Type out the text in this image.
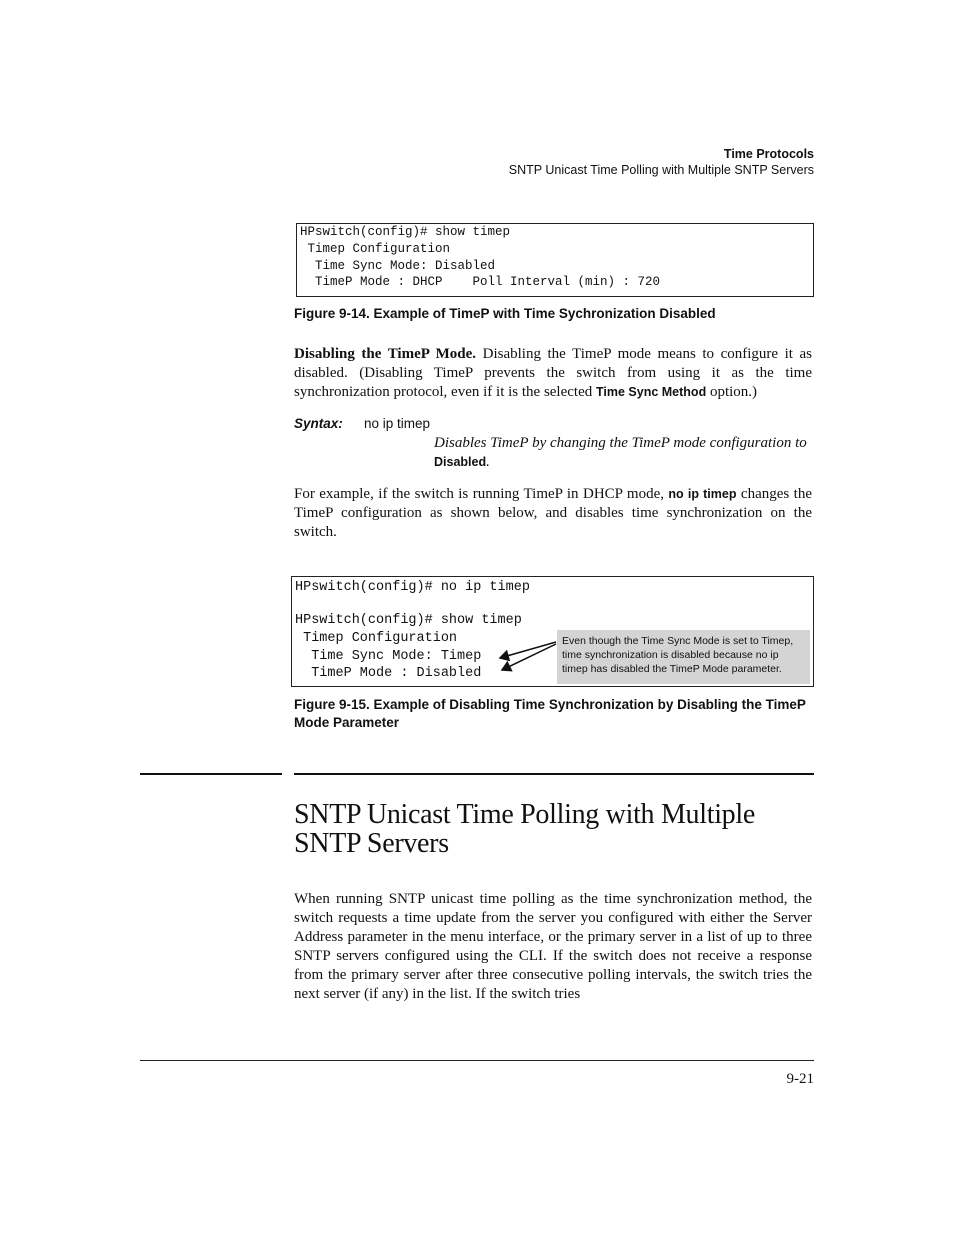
Time Protocols
SNTP Unicast Time Polling with Multiple SNTP Servers

HPswitch(config)# show timep

Timep Configuration

Time Sync Mode: Disabled

TimeP Mode : DHCP    Poll Interval (min) : 720

Figure 9-14. Example of TimeP with Time Sychronization Disabled
Disabling the TimeP Mode. Disabling the TimeP mode means to configure it as disabled. (Disabling TimeP prevents the switch from using it as the time synchronization protocol, even if it is the selected Time Sync Method option.)
Syntax: no ip timep
Disables TimeP by changing the TimeP mode configuration to Disabled.
For example, if the switch is running TimeP in DHCP mode, no ip timep changes the TimeP configuration as shown below, and disables time synchronization on the switch.

HPswitch(config)# no ip timep

HPswitch(config)# show timep

Timep Configuration

Time Sync Mode: Timep

TimeP Mode : Disabled

Even though the Time Sync Mode is set to Timep, time synchronization is disabled because no ip timep has disabled the TimeP Mode parameter.
Figure 9-15. Example of Disabling Time Synchronization by Disabling the TimeP Mode Parameter
SNTP Unicast Time Polling with Multiple SNTP Servers
When running SNTP unicast time polling as the time synchronization method, the switch requests a time update from the server you configured with either the Server Address parameter in the menu interface, or the primary server in a list of up to three SNTP servers configured using the CLI. If the switch does not receive a response from the primary server after three consecutive polling intervals, the switch tries the next server (if any) in the list. If the switch tries
9-21
